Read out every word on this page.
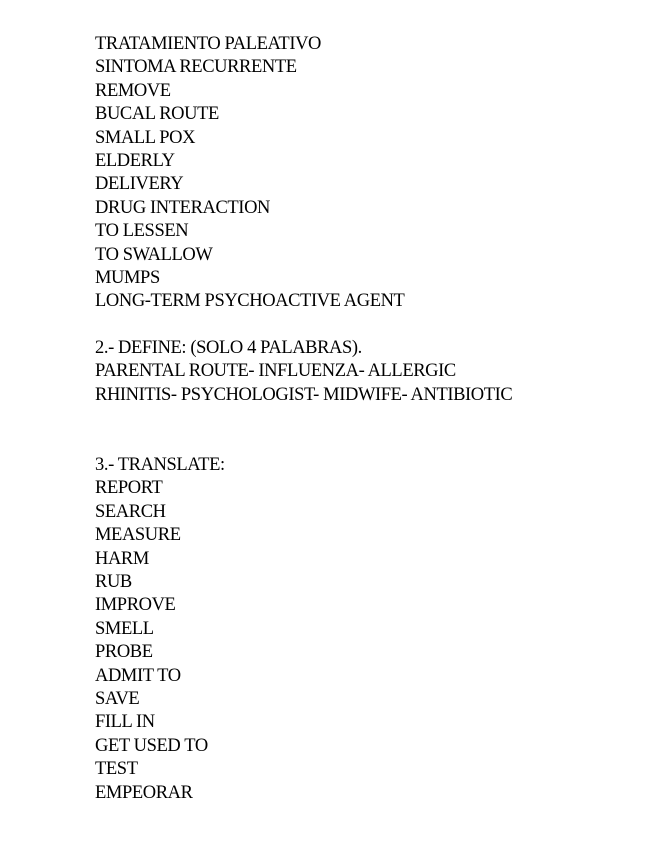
TRATAMIENTO PALEATIVO
SINTOMA RECURRENTE
REMOVE
BUCAL ROUTE
SMALL POX
ELDERLY
DELIVERY
DRUG INTERACTION
TO LESSEN
TO SWALLOW
MUMPS
LONG-TERM PSYCHOACTIVE AGENT
2.- DEFINE: (SOLO 4 PALABRAS).
PARENTAL ROUTE- INFLUENZA- ALLERGIC
RHINITIS- PSYCHOLOGIST- MIDWIFE- ANTIBIOTIC
3.- TRANSLATE:
REPORT
SEARCH
MEASURE
HARM
RUB
IMPROVE
SMELL
PROBE
ADMIT TO
SAVE
FILL IN
GET USED TO
TEST
EMPEORAR
